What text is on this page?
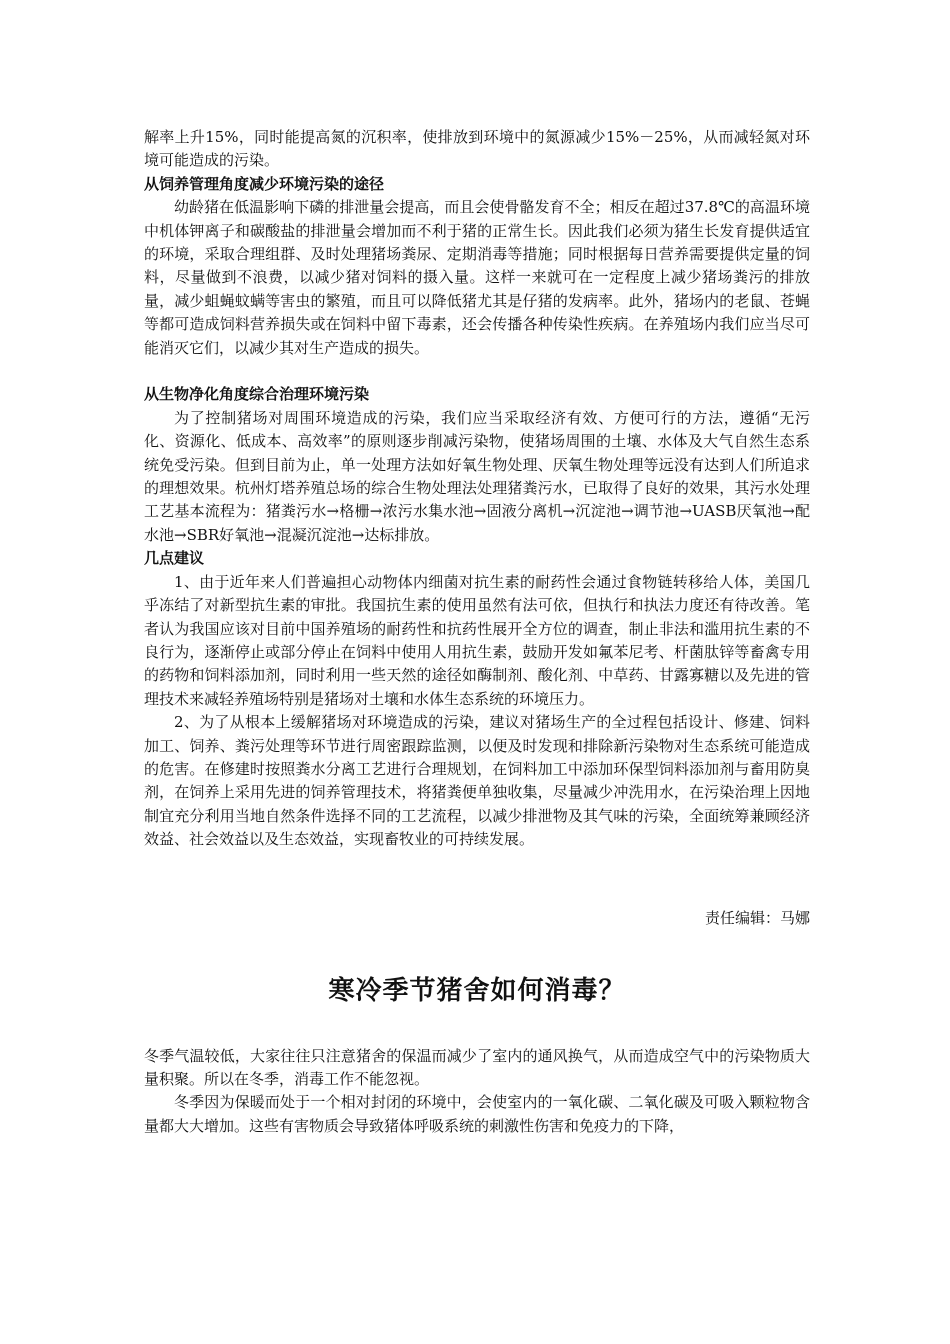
解率上升15%，同时能提高氮的沉积率，使排放到环境中的氮源减少15%－25%，从而减轻氮对环境可能造成的污染。

从饲养管理角度减少环境污染的途径

幼龄猪在低温影响下磷的排泄量会提高，而且会使骨骼发育不全；相反在超过37.8℃的高温环境中机体钾离子和碳酸盐的排泄量会增加而不利于猪的正常生长。因此我们必须为猪生长发育提供适宜的环境，采取合理组群、及时处理猪场粪尿、定期消毒等措施；同时根据每日营养需要提供定量的饲料，尽量做到不浪费，以减少猪对饲料的摄入量。这样一来就可在一定程度上减少猪场粪污的排放量，减少蛆蝇蚊螨等害虫的繁殖，而且可以降低猪尤其是仔猪的发病率。此外，猪场内的老鼠、苍蝇等都可造成饲料营养损失或在饲料中留下毒素，还会传播各种传染性疾病。在养殖场内我们应当尽可能消灭它们，以减少其对生产造成的损失。

从生物净化角度综合治理环境污染

为了控制猪场对周围环境造成的污染，我们应当采取经济有效、方便可行的方法，遵循“无污化、资源化、低成本、高效率”的原则逐步削减污染物，使猪场周围的土壤、水体及大气自然生态系统免受污染。但到目前为止，单一处理方法如好氧生物处理、厌氧生物处理等远没有达到人们所追求的理想效果。杭州灯塔养殖总场的综合生物处理法处理猪粪污水，已取得了良好的效果，其污水处理工艺基本流程为：猪粪污水→格栅→浓污水集水池→固液分离机→沉淀池→调节池→UASB厌氧池→配水池→SBR好氧池→混凝沉淀池→达标排放。

几点建议

1、由于近年来人们普遍担心动物体内细菌对抗生素的耐药性会通过食物链转移给人体，美国几乎冻结了对新型抗生素的审批。我国抗生素的使用虽然有法可依，但执行和执法力度还有待改善。笔者认为我国应该对目前中国养殖场的耐药性和抗药性展开全方位的调查，制止非法和滥用抗生素的不良行为，逐渐停止或部分停止在饲料中使用人用抗生素，鼓励开发如氟苯尼考、杆菌肽锌等畜禽专用的药物和饲料添加剂，同时利用一些天然的途径如酶制剂、酸化剂、中草药、甘露寡糖以及先进的管理技术来减轻养殖场特别是猪场对土壤和水体生态系统的环境压力。

2、为了从根本上缓解猪场对环境造成的污染，建议对猪场生产的全过程包括设计、修建、饲料加工、饲养、粪污处理等环节进行周密跟踪监测，以便及时发现和排除新污染物对生态系统可能造成的危害。在修建时按照粪水分离工艺进行合理规划，在饲料加工中添加环保型饲料添加剂与畜用防臭剂，在饲养上采用先进的饲养管理技术，将猪粪便单独收集，尽量减少冲洗用水，在污染治理上因地制宜充分利用当地自然条件选择不同的工艺流程，以减少排泄物及其气味的污染，全面统筹兼顾经济效益、社会效益以及生态效益，实现畜牧业的可持续发展。

责任编辑：马娜
寒冷季节猪舍如何消毒？

冬季气温较低，大家往往只注意猪舍的保温而减少了室内的通风换气，从而造成空气中的污染物质大量积聚。所以在冬季，消毒工作不能忽视。

冬季因为保暖而处于一个相对封闭的环境中，会使室内的一氧化碳、二氧化碳及可吸入颗粒物含量都大大增加。这些有害物质会导致猪体呼吸系统的刺激性伤害和免疫力的下降，
